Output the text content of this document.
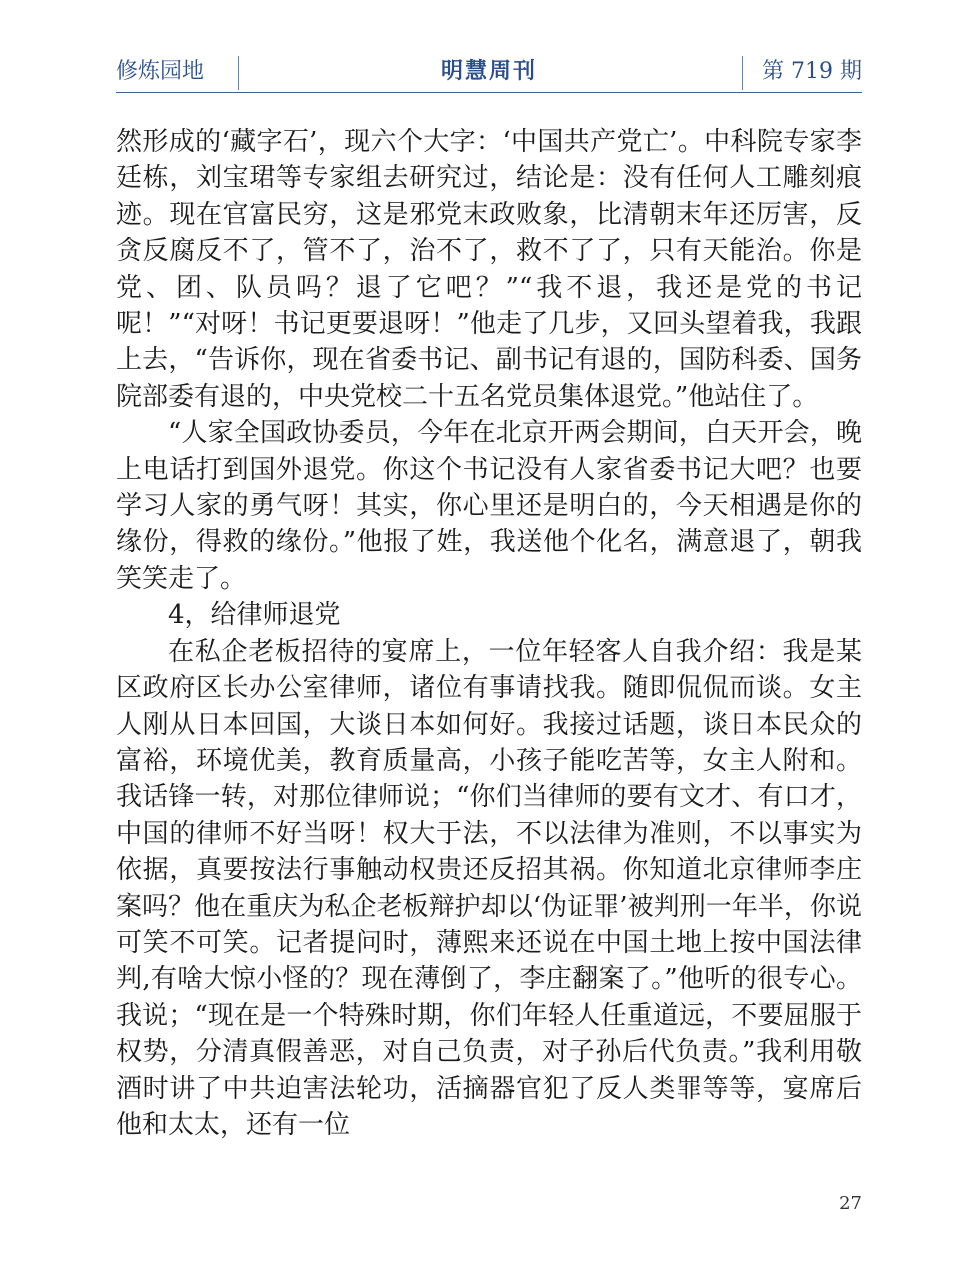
修炼园地	明慧周刊	第 719 期

然形成的‘藏字石’，现六个大字：‘中国共产党亡’。中科院专家李廷栋，刘宝珺等专家组去研究过，结论是：没有任何人工雕刻痕迹。现在官富民穷，这是邪党末政败象，比清朝末年还厉害，反贪反腐反不了，管不了，治不了，救不了了，只有天能治。你是党、团、队员吗？退了它吧？”“我不退，我还是党的书记呢！”“对呀！书记更要退呀！”他走了几步，又回头望着我，我跟上去，“告诉你，现在省委书记、副书记有退的，国防科委、国务院部委有退的，中央党校二十五名党员集体退党。”他站住了。

“人家全国政协委员，今年在北京开两会期间，白天开会，晚上电话打到国外退党。你这个书记没有人家省委书记大吧？也要学习人家的勇气呀！其实，你心里还是明白的，今天相遇是你的缘份，得救的缘份。”他报了姓，我送他个化名，满意退了，朝我笑笑走了。

4，给律师退党

在私企老板招待的宴席上，一位年轻客人自我介绍：我是某区政府区长办公室律师，诸位有事请找我。随即侃侃而谈。女主人刚从日本回国，大谈日本如何好。我接过话题，谈日本民众的富裕，环境优美，教育质量高，小孩子能吃苦等，女主人附和。我话锋一转，对那位律师说；“你们当律师的要有文才、有口才，中国的律师不好当呀！权大于法，不以法律为准则，不以事实为依据，真要按法行事触动权贵还反招其祸。你知道北京律师李庄案吗？他在重庆为私企老板辩护却以‘伪证罪’被判刑一年半，你说可笑不可笑。记者提问时，薄熙来还说在中国土地上按中国法律判,有啥大惊小怪的？现在薄倒了，李庄翻案了。”他听的很专心。我说；“现在是一个特殊时期，你们年轻人任重道远，不要屈服于权势，分清真假善恶，对自己负责，对子孙后代负责。”我利用敬酒时讲了中共迫害法轮功，活摘器官犯了反人类罪等等，宴席后他和太太，还有一位

27
